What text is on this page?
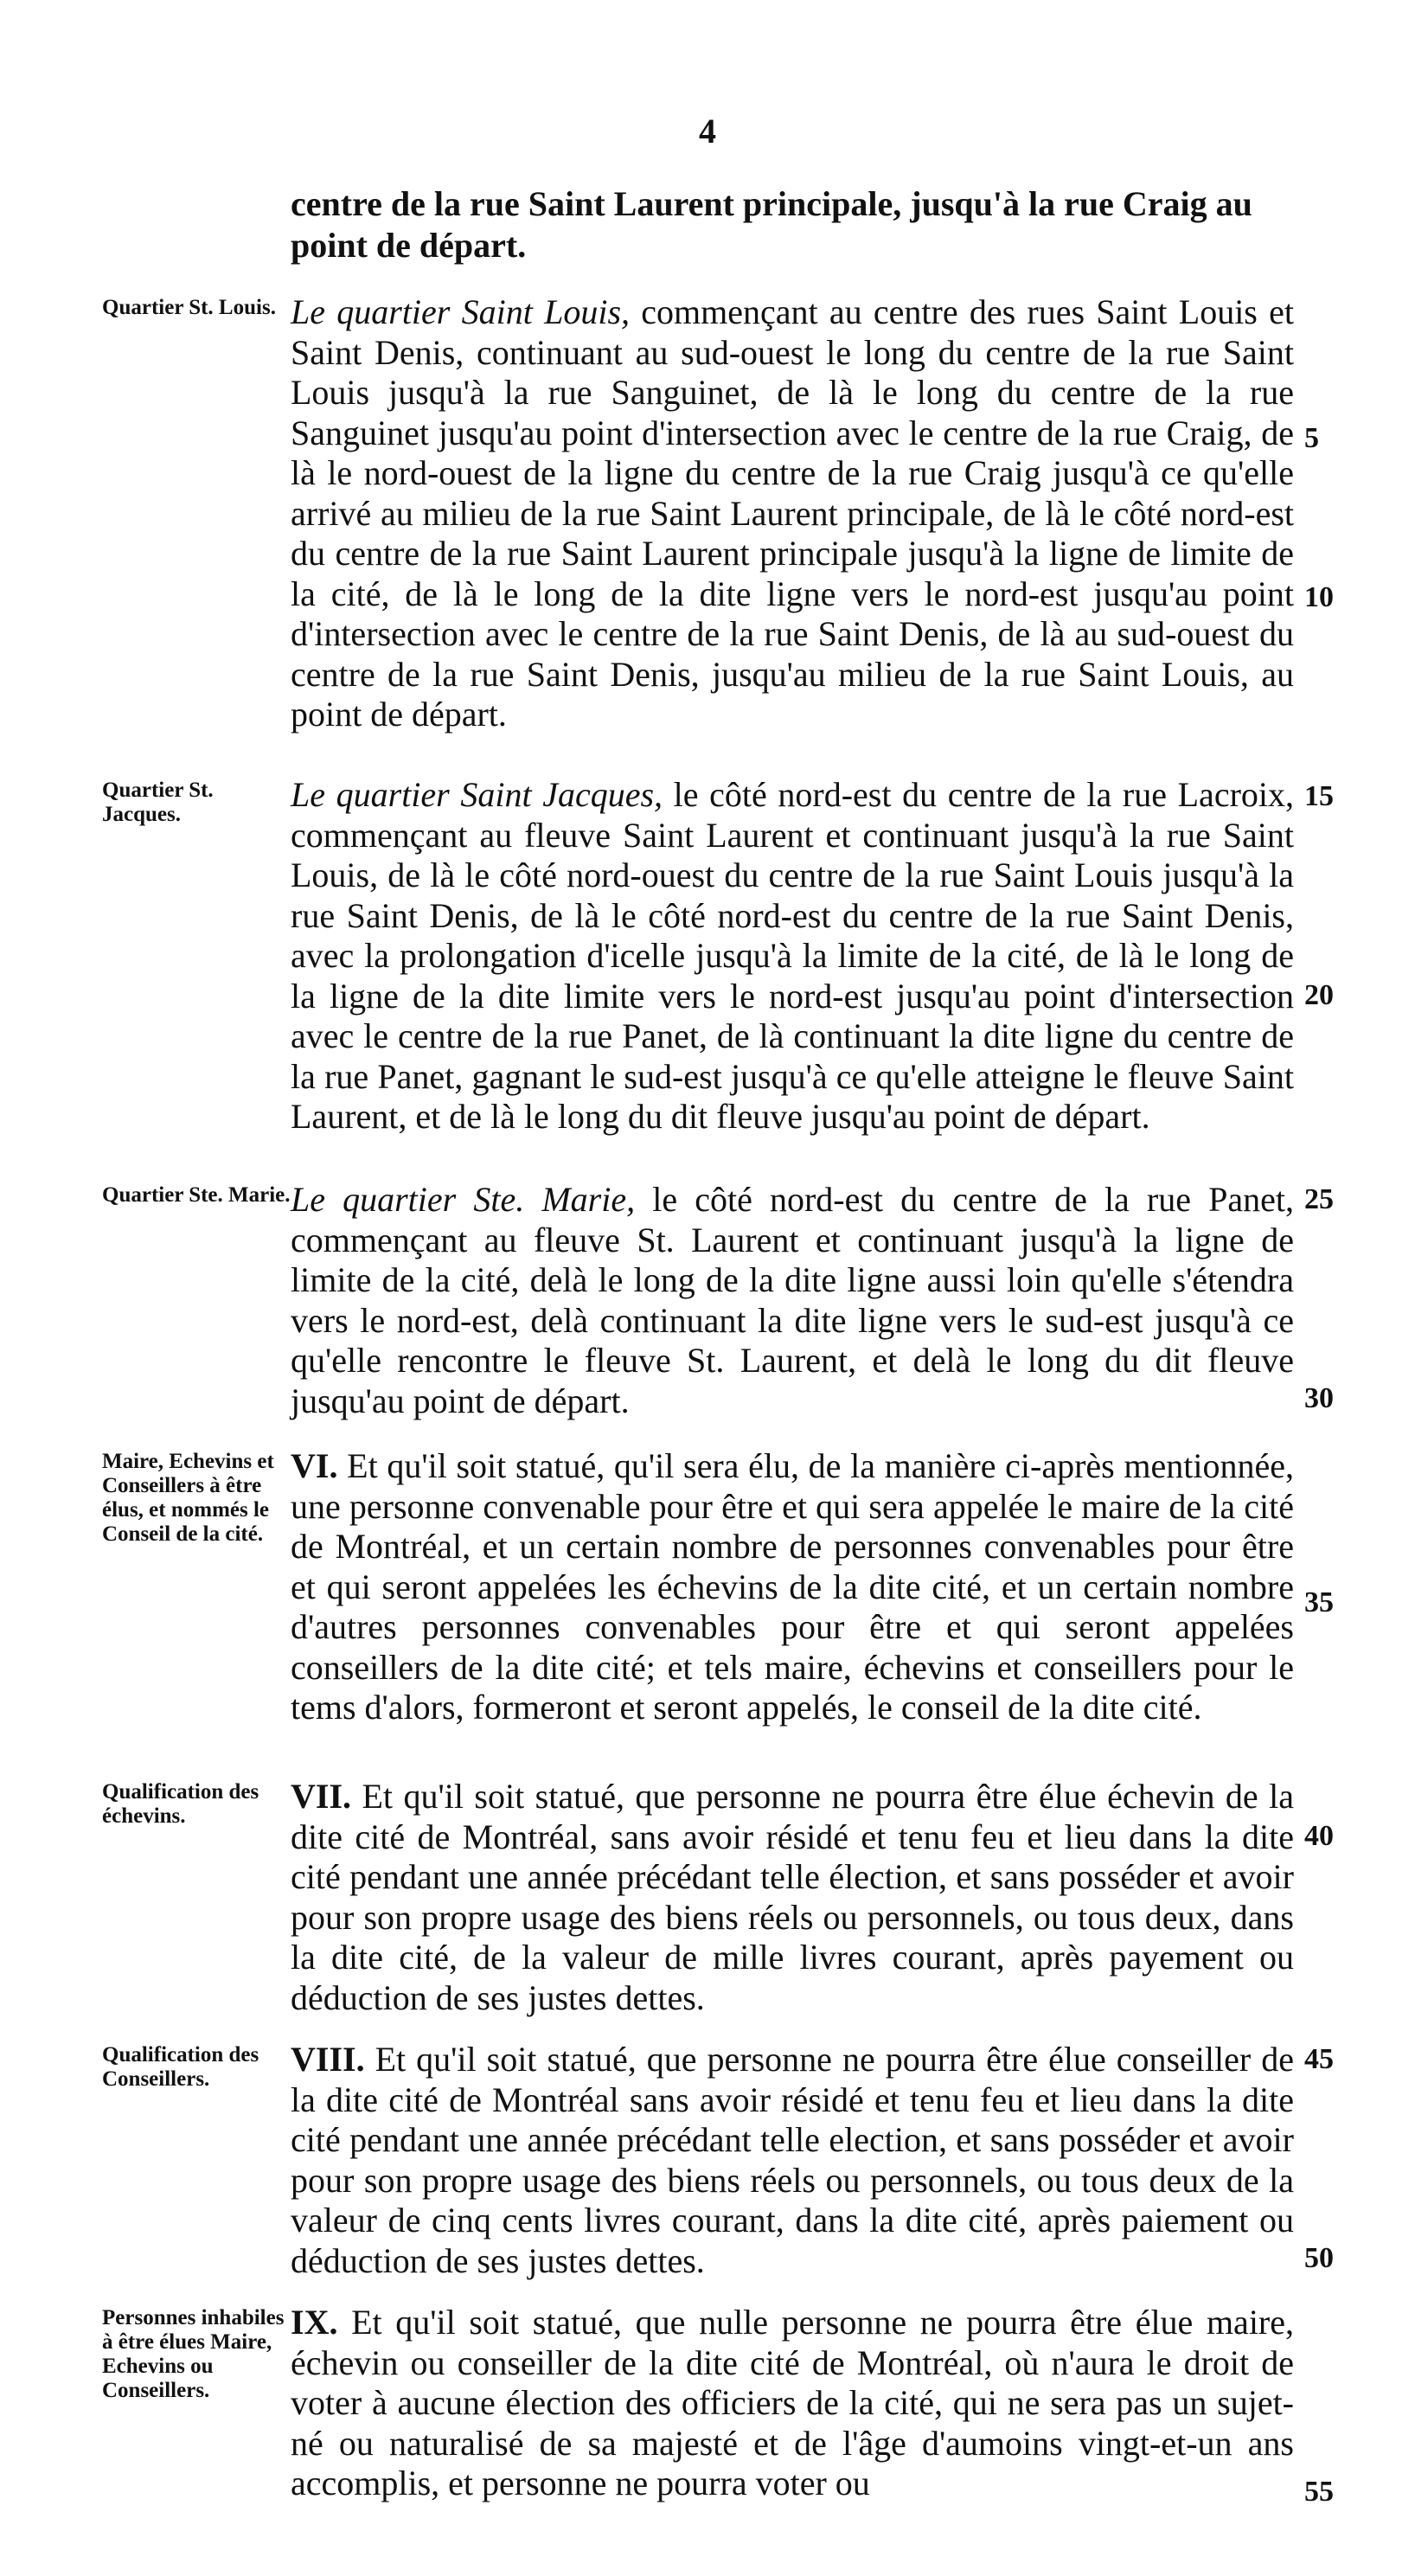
4
centre de la rue Saint Laurent principale, jusqu'à la rue Craig au point de départ.
Quartier St. Louis. Le quartier Saint Louis, commençant au centre des rues Saint Louis et Saint Denis, continuant au sud-ouest le long du centre de la rue Saint Louis jusqu'à la rue Sanguinet, de là le long du centre de la rue Sanguinet jusqu'au point d'intersection avec le centre de la rue Craig, de là le nord-ouest de la ligne du centre de la rue Craig jusqu'à ce qu'elle arrivé au milieu de la rue Saint Laurent principale, de là le côté nord-est du centre de la rue Saint Laurent principale jusqu'à la ligne de limite de la cité, de là le long de la dite ligne vers le nord-est jusqu'au point d'intersection avec le centre de la rue Saint Denis, de là au sud-ouest du centre de la rue Saint Denis, jusqu'au milieu de la rue Saint Louis, au point de départ.
Quartier St. Jacques.
Le quartier Saint Jacques, le côté nord-est du centre de la rue Lacroix, commençant au fleuve Saint Laurent et continuant jusqu'à la rue Saint Louis, de là le côté nord-ouest du centre de la rue Saint Louis jusqu'à la rue Saint Denis, de là le côté nord-est du centre de la rue Saint Denis, avec la prolongation d'icelle jusqu'à la limite de la cité, de là le long de la ligne de la dite limite vers le nord-est jusqu'au point d'intersection avec le centre de la rue Panet, de là continuant la dite ligne du centre de la rue Panet, gagnant le sud-est jusqu'à ce qu'elle atteigne le fleuve Saint Laurent, et de là le long du dit fleuve jusqu'au point de départ.
Quartier Ste. Marie. Le quartier Ste. Marie, le côté nord-est du centre de la rue Panet, commençant au fleuve St. Laurent et continuant jusqu'à la ligne de limite de la cité, delà le long de la dite ligne aussi loin qu'elle s'étendra vers le nord-est, delà continuant la dite ligne vers le sud-est jusqu'à ce qu'elle rencontre le fleuve St. Laurent, et delà le long du dit fleuve jusqu'au point de départ.
Maire, Echevins et Conseillers à être élus, et nommés le Conseil de la cité.
VI. Et qu'il soit statué, qu'il sera élu, de la manière ci-après mentionnée, une personne convenable pour être et qui sera appelée le maire de la cité de Montréal, et un certain nombre de personnes convenables pour être et qui seront appelées les échevins de la dite cité, et un certain nombre d'autres personnes convenables pour être et qui seront appelées conseillers de la dite cité; et tels maire, échevins et conseillers pour le tems d'alors, formeront et seront appelés, le conseil de la dite cité.
Qualification des échevins.
VII. Et qu'il soit statué, que personne ne pourra être élue échevin de la dite cité de Montréal, sans avoir résidé et tenu feu et lieu dans la dite cité pendant une année précédant telle élection, et sans posséder et avoir pour son propre usage des biens réels ou personnels, ou tous deux, dans la dite cité, de la valeur de mille livres courant, après payement ou déduction de ses justes dettes.
Qualification des Conseillers.
VIII. Et qu'il soit statué, que personne ne pourra être élue conseiller de la dite cité de Montréal sans avoir résidé et tenu feu et lieu dans la dite cité pendant une année précédant telle election, et sans posséder et avoir pour son propre usage des biens réels ou personnels, ou tous deux de la valeur de cinq cents livres courant, dans la dite cité, après paiement ou déduction de ses justes dettes.
Personnes inhabiles à être élues Maire, Echevins ou Conseillers.
IX. Et qu'il soit statué, que nulle personne ne pourra être élue maire, échevin ou conseiller de la dite cité de Montréal, où n'aura le droit de voter à aucune élection des officiers de la cité, qui ne sera pas un sujet-né ou naturalisé de sa majesté et de l'âge d'aumoins vingt-et-un ans accomplis, et personne ne pourra voter ou
5
10
15
20
25
30
35
40
45
50
55
